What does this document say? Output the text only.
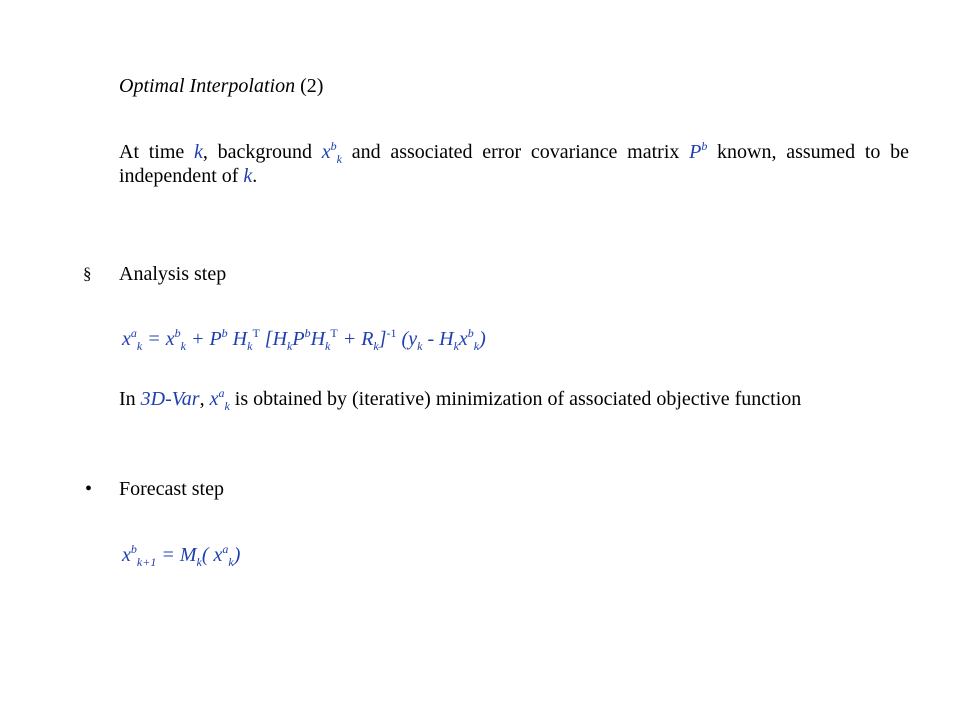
Optimal Interpolation (2)
At time k, background $x^b_k$ and associated error covariance matrix $P^b$ known, assumed to be independent of k.
§ Analysis step
$x^a_k = x^b_k + P^b$ $H_k^T$ $[H_kP^bH_k^T + R_k]^{-1}$ $(y_k - H_kx^b_k)$
In 3D-Var, $x^a_k$ is obtained by (iterative) minimization of associated objective function
• Forecast step
$x^b_{k+1} = M_k$( $x^a_k$)
